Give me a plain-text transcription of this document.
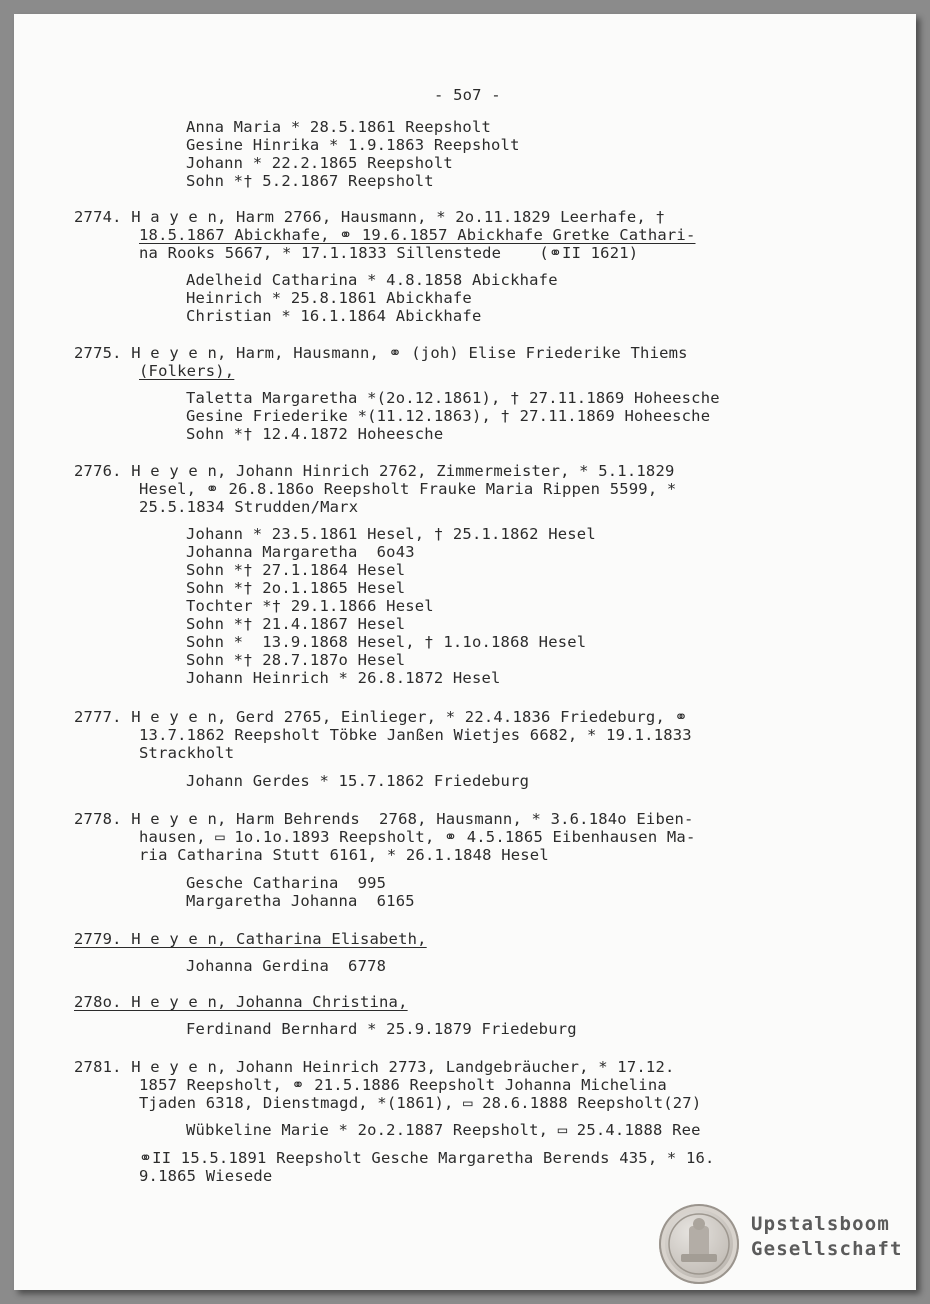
- 5o7 -
Anna Maria * 28.5.1861 Reepsholt
Gesine Hinrika * 1.9.1863 Reepsholt
Johann * 22.2.1865 Reepsholt
Sohn *† 5.2.1867 Reepsholt
2774. H a y e n, Harm 2766, Hausmann, * 2o.11.1829 Leerhafe, †
18.5.1867 Abickhafe, ⚭ 19.6.1857 Abickhafe Gretke Cathari-
na Rooks 5667, * 17.1.1833 Sillenstede    (⚭II 1621)
Adelheid Catharina * 4.8.1858 Abickhafe
Heinrich * 25.8.1861 Abickhafe
Christian * 16.1.1864 Abickhafe
2775. H e y e n, Harm, Hausmann, ⚭ (joh) Elise Friederike Thiems
(Folkers),
Taletta Margaretha *(2o.12.1861), † 27.11.1869 Hoheesche
Gesine Friederike *(11.12.1863), † 27.11.1869 Hoheesche
Sohn *† 12.4.1872 Hoheesche
2776. H e y e n, Johann Hinrich 2762, Zimmermeister, * 5.1.1829
Hesel, ⚭ 26.8.186o Reepsholt Frauke Maria Rippen 5599, *
25.5.1834 Strudden/Marx
Johann * 23.5.1861 Hesel, † 25.1.1862 Hesel
Johanna Margaretha  6o43
Sohn *† 27.1.1864 Hesel
Sohn *† 2o.1.1865 Hesel
Tochter *† 29.1.1866 Hesel
Sohn *† 21.4.1867 Hesel
Sohn *  13.9.1868 Hesel, † 1.1o.1868 Hesel
Sohn *† 28.7.187o Hesel
Johann Heinrich * 26.8.1872 Hesel
2777. H e y e n, Gerd 2765, Einlieger, * 22.4.1836 Friedeburg, ⚭
13.7.1862 Reepsholt Töbke Janßen Wietjes 6682, * 19.1.1833
Strackholt
Johann Gerdes * 15.7.1862 Friedeburg
2778. H e y e n, Harm Behrends  2768, Hausmann, * 3.6.184o Eiben-
hausen, ▭ 1o.1o.1893 Reepsholt, ⚭ 4.5.1865 Eibenhausen Ma-
ria Catharina Stutt 6161, * 26.1.1848 Hesel
Gesche Catharina  995
Margaretha Johanna  6165
2779. H e y e n, Catharina Elisabeth,
Johanna Gerdina  6778
278o. H e y e n, Johanna Christina,
Ferdinand Bernhard * 25.9.1879 Friedeburg
2781. H e y e n, Johann Heinrich 2773, Landgebräucher, * 17.12.
1857 Reepsholt, ⚭ 21.5.1886 Reepsholt Johanna Michelina
Tjaden 6318, Dienstmagd, *(1861), ▭ 28.6.1888 Reepsholt(27)
Wübkeline Marie * 2o.2.1887 Reepsholt, ▭ 25.4.1888 Ree
⚭II 15.5.1891 Reepsholt Gesche Margaretha Berends 435, * 16.
9.1865 Wiesede
Upstalsboom
Gesellschaft
